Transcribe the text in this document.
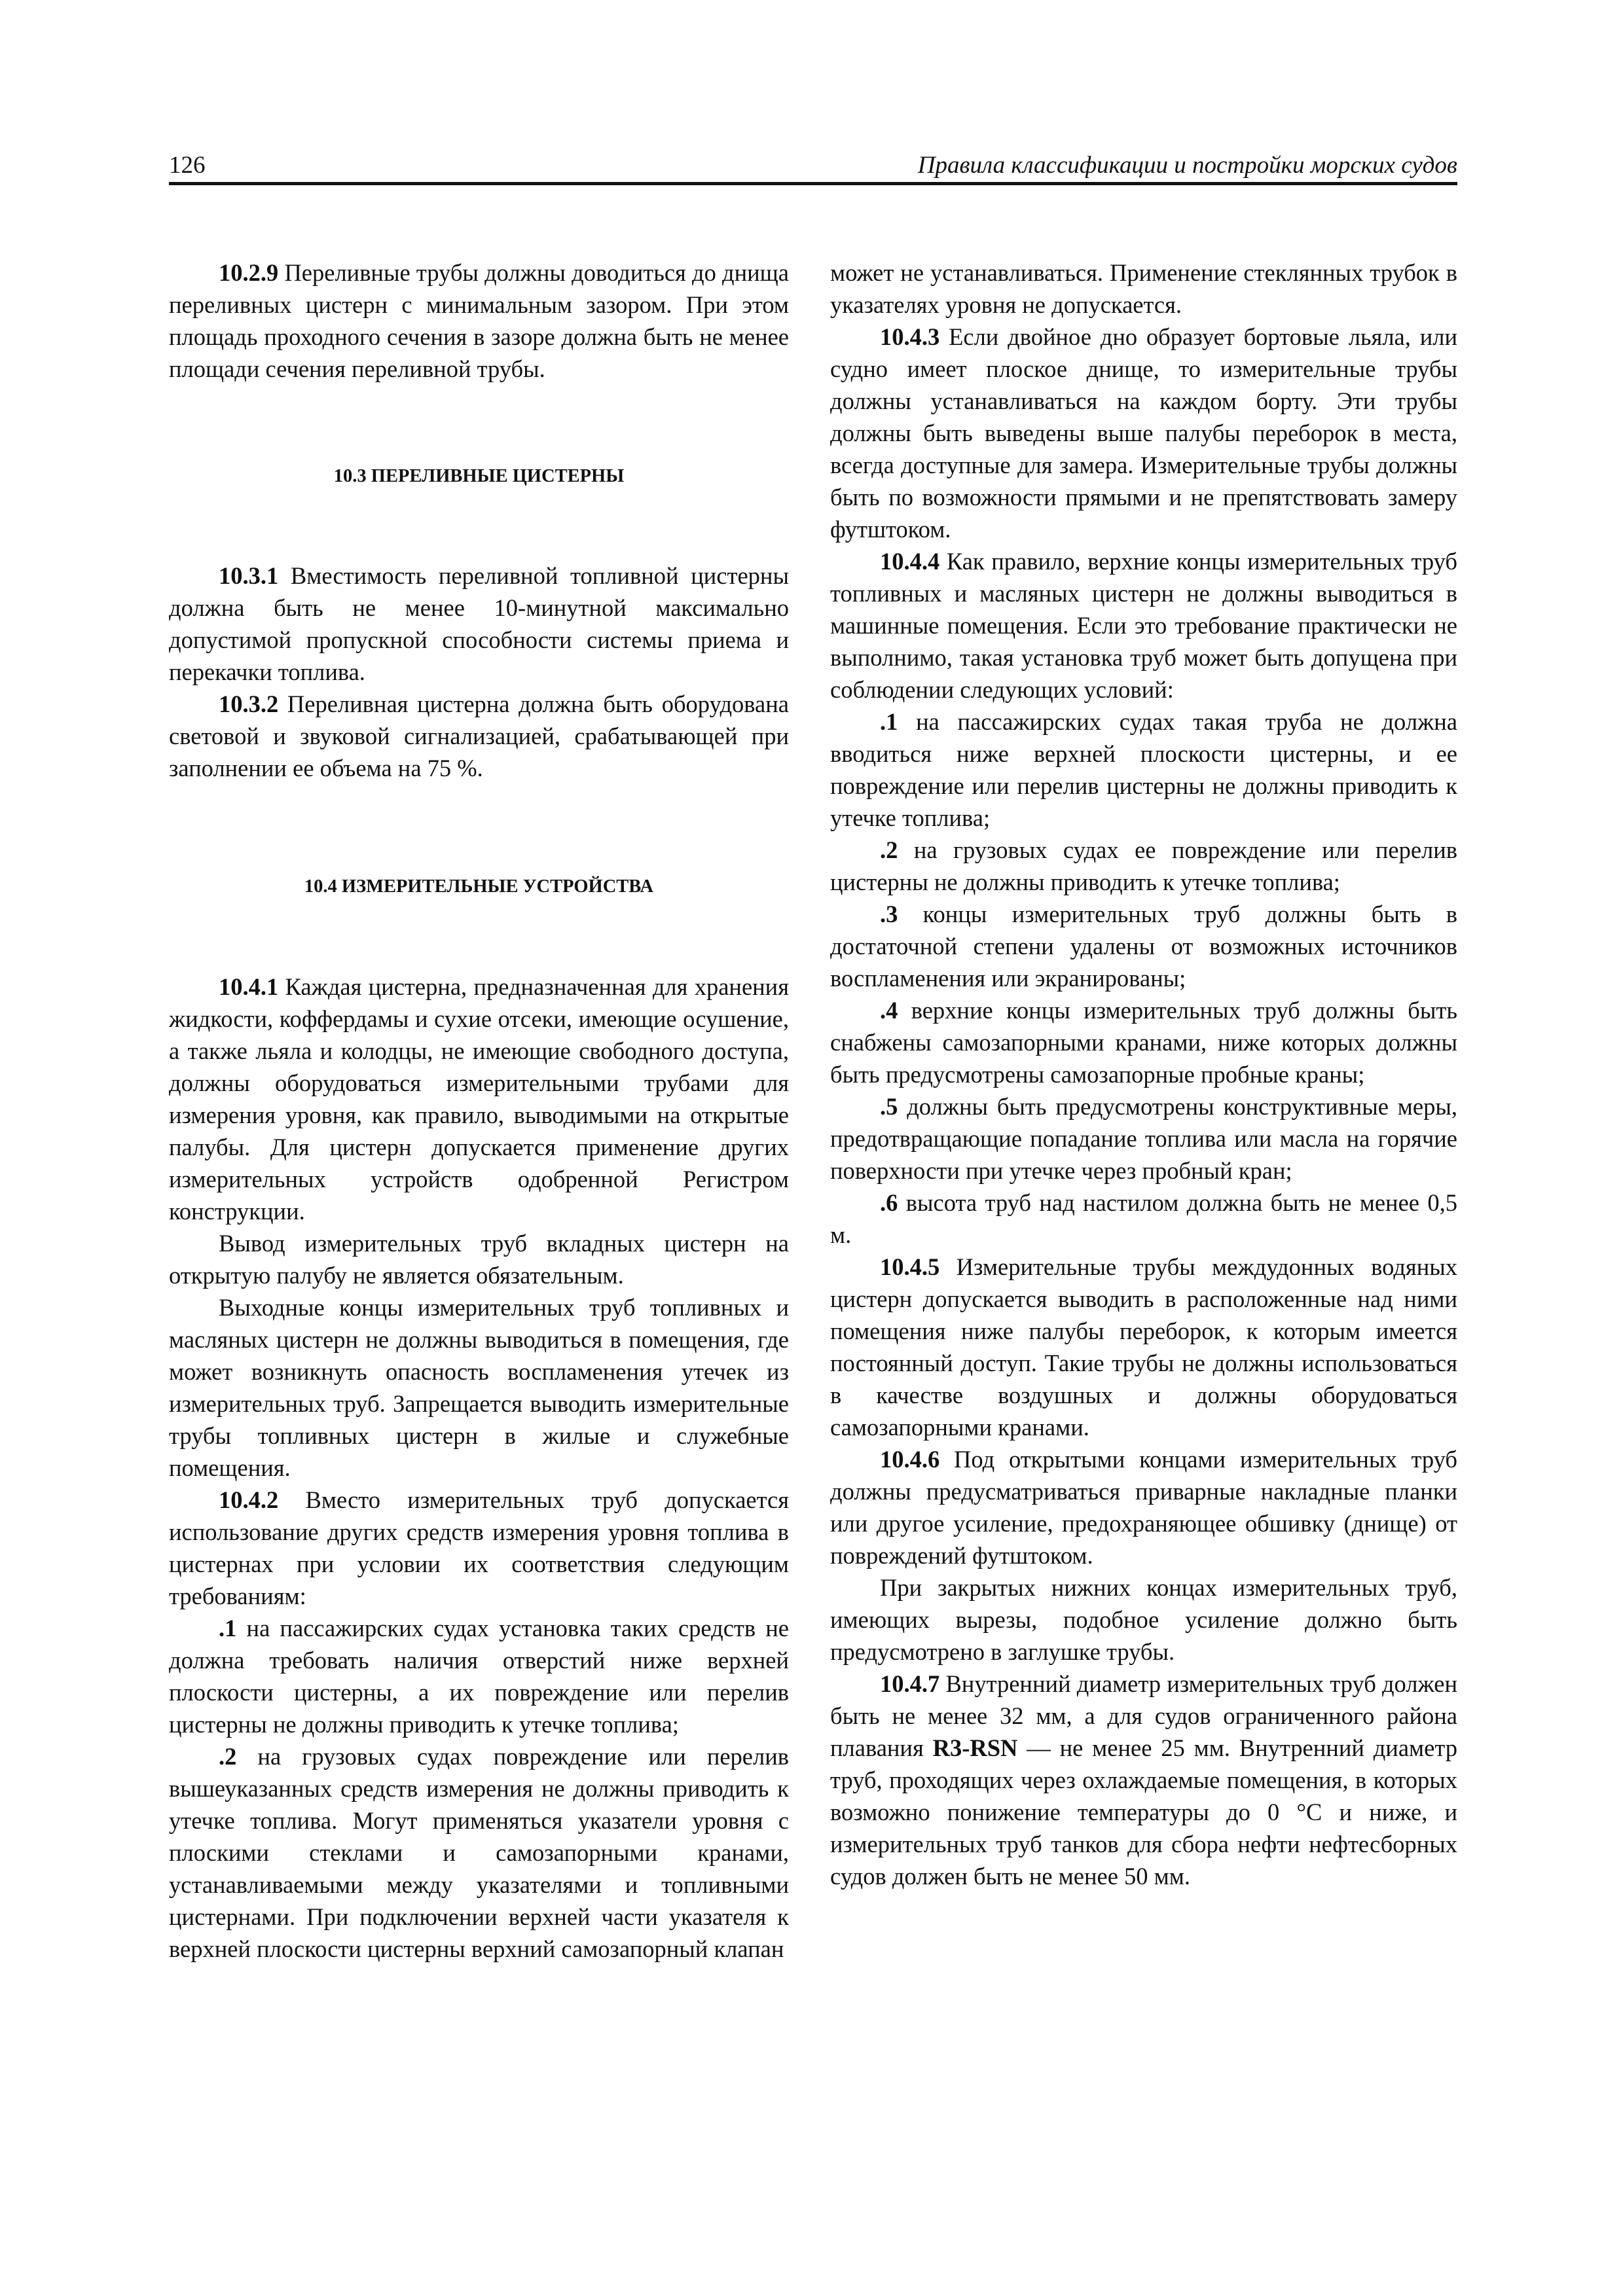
126	Правила классификации и постройки морских судов

10.2.9 Переливные трубы должны доводиться до днища переливных цистерн с минимальным зазором. При этом площадь проходного сечения в зазоре должна быть не менее площади сечения переливной трубы.

10.3 ПЕРЕЛИВНЫЕ ЦИСТЕРНЫ

10.3.1 Вместимость переливной топливной цистерны должна быть не менее 10-минутной максимально допустимой пропускной способности системы приема и перекачки топлива.

10.3.2 Переливная цистерна должна быть оборудована световой и звуковой сигнализацией, срабатывающей при заполнении ее объема на 75 %.

10.4 ИЗМЕРИТЕЛЬНЫЕ УСТРОЙСТВА

10.4.1 Каждая цистерна, предназначенная для хранения жидкости, коффердамы и сухие отсеки, имеющие осушение, а также льяла и колодцы, не имеющие свободного доступа, должны оборудоваться измерительными трубами для измерения уровня, как правило, выводимыми на открытые палубы. Для цистерн допускается применение других измерительных устройств одобренной Регистром конструкции.

Вывод измерительных труб вкладных цистерн на открытую палубу не является обязательным.

Выходные концы измерительных труб топливных и масляных цистерн не должны выводиться в помещения, где может возникнуть опасность воспламенения утечек из измерительных труб. Запрещается выводить измерительные трубы топливных цистерн в жилые и служебные помещения.

10.4.2 Вместо измерительных труб допускается использование других средств измерения уровня топлива в цистернах при условии их соответствия следующим требованиям:

.1 на пассажирских судах установка таких средств не должна требовать наличия отверстий ниже верхней плоскости цистерны, а их повреждение или перелив цистерны не должны приводить к утечке топлива;

.2 на грузовых судах повреждение или перелив вышеуказанных средств измерения не должны приводить к утечке топлива. Могут применяться указатели уровня с плоскими стеклами и самозапорными кранами, устанавливаемыми между указателями и топливными цистернами. При подключении верхней части указателя к верхней плоскости цистерны верхний самозапорный клапан

может не устанавливаться. Применение стеклянных трубок в указателях уровня не допускается.

10.4.3 Если двойное дно образует бортовые льяла, или судно имеет плоское днище, то измерительные трубы должны устанавливаться на каждом борту. Эти трубы должны быть выведены выше палубы переборок в места, всегда доступные для замера. Измерительные трубы должны быть по возможности прямыми и не препятствовать замеру футштоком.

10.4.4 Как правило, верхние концы измерительных труб топливных и масляных цистерн не должны выводиться в машинные помещения. Если это требование практически не выполнимо, такая установка труб может быть допущена при соблюдении следующих условий:

.1 на пассажирских судах такая труба не должна вводиться ниже верхней плоскости цистерны, и ее повреждение или перелив цистерны не должны приводить к утечке топлива;

.2 на грузовых судах ее повреждение или перелив цистерны не должны приводить к утечке топлива;

.3 концы измерительных труб должны быть в достаточной степени удалены от возможных источников воспламенения или экранированы;

.4 верхние концы измерительных труб должны быть снабжены самозапорными кранами, ниже которых должны быть предусмотрены самозапорные пробные краны;

.5 должны быть предусмотрены конструктивные меры, предотвращающие попадание топлива или масла на горячие поверхности при утечке через пробный кран;

.6 высота труб над настилом должна быть не менее 0,5 м.

10.4.5 Измерительные трубы междудонных водяных цистерн допускается выводить в расположенные над ними помещения ниже палубы переборок, к которым имеется постоянный доступ. Такие трубы не должны использоваться в качестве воздушных и должны оборудоваться самозапорными кранами.

10.4.6 Под открытыми концами измерительных труб должны предусматриваться приварные накладные планки или другое усиление, предохраняющее обшивку (днище) от повреждений футштоком.

При закрытых нижних концах измерительных труб, имеющих вырезы, подобное усиление должно быть предусмотрено в заглушке трубы.

10.4.7 Внутренний диаметр измерительных труб должен быть не менее 32 мм, а для судов ограниченного района плавания R3-RSN — не менее 25 мм. Внутренний диаметр труб, проходящих через охлаждаемые помещения, в которых возможно понижение температуры до 0 °C и ниже, и измерительных труб танков для сбора нефти нефтесборных судов должен быть не менее 50 мм.
